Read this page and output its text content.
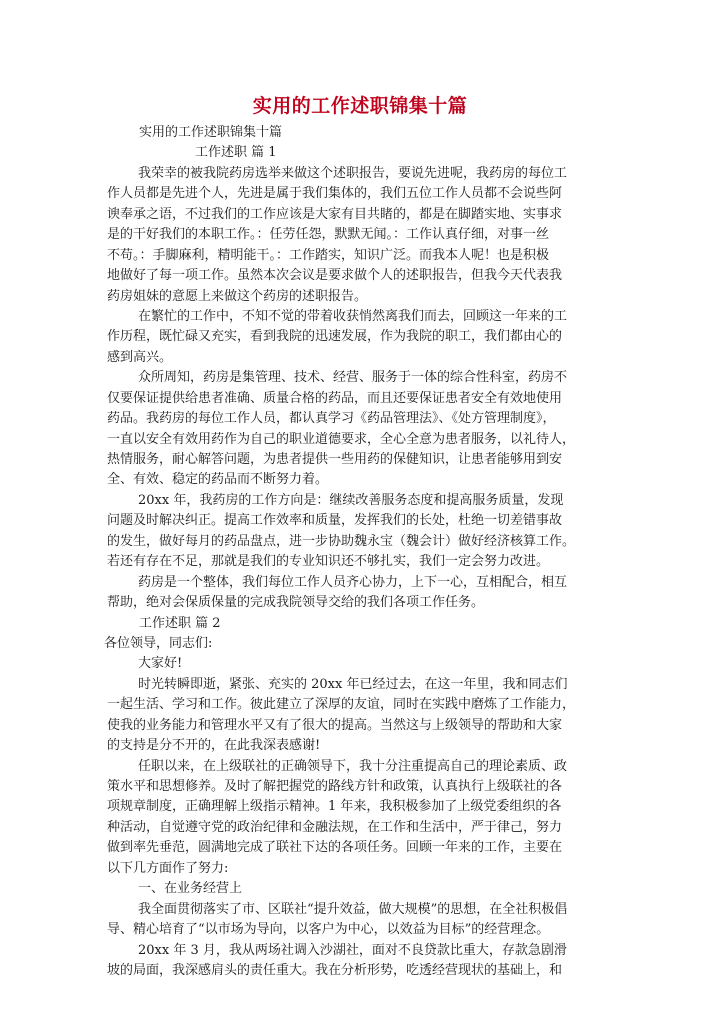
实用的工作述职锦集十篇
实用的工作述职锦集十篇
工作述职 篇 1
我荣幸的被我院药房选举来做这个述职报告，要说先进呢，我药房的每位工
作人员都是先进个人，先进是属于我们集体的，我们五位工作人员都不会说些阿
谀奉承之语，不过我们的工作应该是大家有目共睹的，都是在脚踏实地、实事求
是的干好我们的本职工作。：任劳任怨，默默无闻。：工作认真仔细，对事一丝
不苟。：手脚麻利，精明能干。：工作踏实，知识广泛。而我本人呢！也是积极
地做好了每一项工作。虽然本次会议是要求做个人的述职报告，但我今天代表我
药房姐妹的意愿上来做这个药房的述职报告。
在繁忙的工作中，不知不觉的带着收获悄然离我们而去，回顾这一年来的工
作历程，既忙碌又充实，看到我院的迅速发展，作为我院的职工，我们都由心的
感到高兴。
众所周知，药房是集管理、技术、经营、服务于一体的综合性科室，药房不
仅要保证提供给患者准确、质量合格的药品，而且还要保证患者安全有效地使用
药品。我药房的每位工作人员，都认真学习《药品管理法》、《处方管理制度》，
一直以安全有效用药作为自己的职业道德要求，全心全意为患者服务，以礼待人，
热情服务，耐心解答问题，为患者提供一些用药的保健知识，让患者能够用到安
全、有效、稳定的药品而不断努力着。
20xx 年，我药房的工作方向是：继续改善服务态度和提高服务质量，发现
问题及时解决纠正。提高工作效率和质量，发挥我们的长处，杜绝一切差错事故
的发生，做好每月的药品盘点，进一步协助魏永宝（魏会计）做好经济核算工作。
若还有存在不足，那就是我们的专业知识还不够扎实，我们一定会努力改进。
药房是一个整体，我们每位工作人员齐心协力，上下一心，互相配合，相互
帮助，绝对会保质保量的完成我院领导交给的我们各项工作任务。
工作述职 篇 2
各位领导，同志们:
大家好!
时光转瞬即逝，紧张、充实的 20xx 年已经过去，在这一年里，我和同志们
一起生活、学习和工作。彼此建立了深厚的友谊，同时在实践中磨炼了工作能力，
使我的业务能力和管理水平又有了很大的提高。当然这与上级领导的帮助和大家
的支持是分不开的，在此我深表感谢!
任职以来，在上级联社的正确领导下，我十分注重提高自己的理论素质、政
策水平和思想修养。及时了解把握党的路线方针和政策，认真执行上级联社的各
项规章制度，正确理解上级指示精神。1 年来，我积极参加了上级党委组织的各
种活动，自觉遵守党的政治纪律和金融法规，在工作和生活中，严于律己，努力
做到率先垂范，圆满地完成了联社下达的各项任务。回顾一年来的工作，主要在
以下几方面作了努力:
一、在业务经营上
我全面贯彻落实了市、区联社“提升效益，做大规模”的思想，在全社积极倡
导、精心培育了“以市场为导向，以客户为中心，以效益为目标”的经营理念。
20xx 年 3 月，我从两场社调入沙湖社，面对不良贷款比重大，存款急剧滑
坡的局面，我深感肩头的责任重大。我在分析形势，吃透经营现状的基础上，和
